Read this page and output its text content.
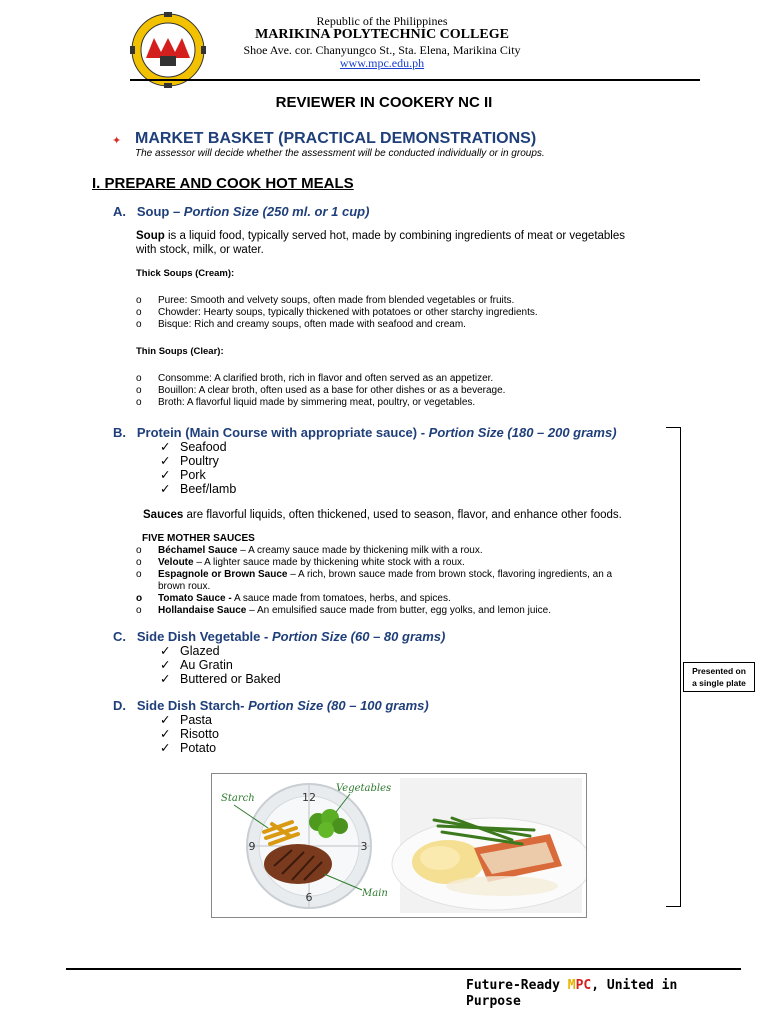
Republic of the Philippines
MARIKINA POLYTECHNIC COLLEGE
Shoe Ave. cor. Chanyungco St., Sta. Elena, Marikina City
www.mpc.edu.ph
REVIEWER IN COOKERY NC II
✦ MARKET BASKET (PRACTICAL DEMONSTRATIONS)
The assessor will decide whether the assessment will be conducted individually or in groups.
I. PREPARE AND COOK HOT MEALS
A. Soup – Portion Size (250 ml. or 1 cup)
Soup is a liquid food, typically served hot, made by combining ingredients of meat or vegetables
with stock, milk, or water.
Thick Soups (Cream):
o Puree: Smooth and velvety soups, often made from blended vegetables or fruits.
o Chowder: Hearty soups, typically thickened with potatoes or other starchy ingredients.
o Bisque: Rich and creamy soups, often made with seafood and cream.
Thin Soups (Clear):
o Consomme: A clarified broth, rich in flavor and often served as an appetizer.
o Bouillon: A clear broth, often used as a base for other dishes or as a beverage.
o Broth: A flavorful liquid made by simmering meat, poultry, or vegetables.
B. Protein (Main Course with appropriate sauce) - Portion Size (180 – 200 grams)
✓ Seafood
✓ Poultry
✓ Pork
✓ Beef/lamb
Sauces are flavorful liquids, often thickened, used to season, flavor, and enhance other foods.
FIVE MOTHER SAUCES
o Béchamel Sauce – A creamy sauce made by thickening milk with a roux.
o Veloute – A lighter sauce made by thickening white stock with a roux.
o Espagnole or Brown Sauce – A rich, brown sauce made from brown stock, flavoring ingredients, an a
brown roux.
o Tomato Sauce - A sauce made from tomatoes, herbs, and spices.
o Hollandaise Sauce – An emulsified sauce made from butter, egg yolks, and lemon juice.
C. Side Dish Vegetable - Portion Size (60 – 80 grams)
✓ Glazed
✓ Au Gratin
✓ Buttered or Baked
D. Side Dish Starch- Portion Size (80 – 100 grams)
✓ Pasta
✓ Risotto
✓ Potato
Presented on
a single plate
12
3
6
9
Starch
Vegetables
Main
Future-Ready MPC, United in
Purpose
